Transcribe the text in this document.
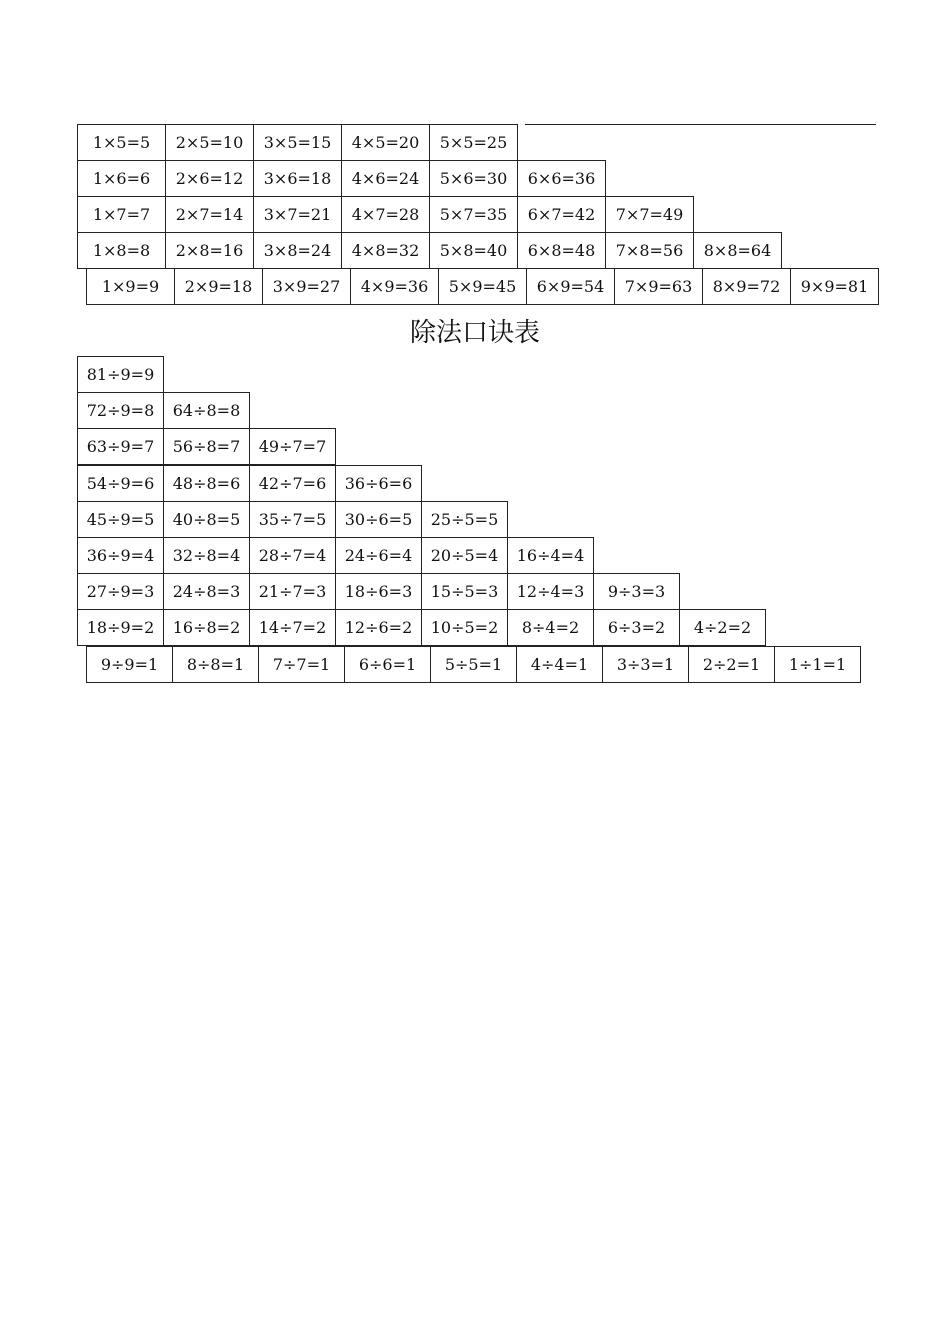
1×5=5	2×5=10	3×5=15	4×5=20	5×5=25
1×6=6	2×6=12	3×6=18	4×6=24	5×6=30	6×6=36
1×7=7	2×7=14	3×7=21	4×7=28	5×7=35	6×7=42	7×7=49
1×8=8	2×8=16	3×8=24	4×8=32	5×8=40	6×8=48	7×8=56	8×8=64
1×9=9	2×9=18	3×9=27	4×9=36	5×9=45	6×9=54	7×9=63	8×9=72	9×9=81
除法口诀表
81÷9=9
72÷9=8	64÷8=8
63÷9=7	56÷8=7	49÷7=7
54÷9=6	48÷8=6	42÷7=6	36÷6=6
45÷9=5	40÷8=5	35÷7=5	30÷6=5	25÷5=5
36÷9=4	32÷8=4	28÷7=4	24÷6=4	20÷5=4	16÷4=4
27÷9=3	24÷8=3	21÷7=3	18÷6=3	15÷5=3	12÷4=3	9÷3=3
18÷9=2	16÷8=2	14÷7=2	12÷6=2	10÷5=2	8÷4=2	6÷3=2	4÷2=2
9÷9=1	8÷8=1	7÷7=1	6÷6=1	5÷5=1	4÷4=1	3÷3=1	2÷2=1	1÷1=1
